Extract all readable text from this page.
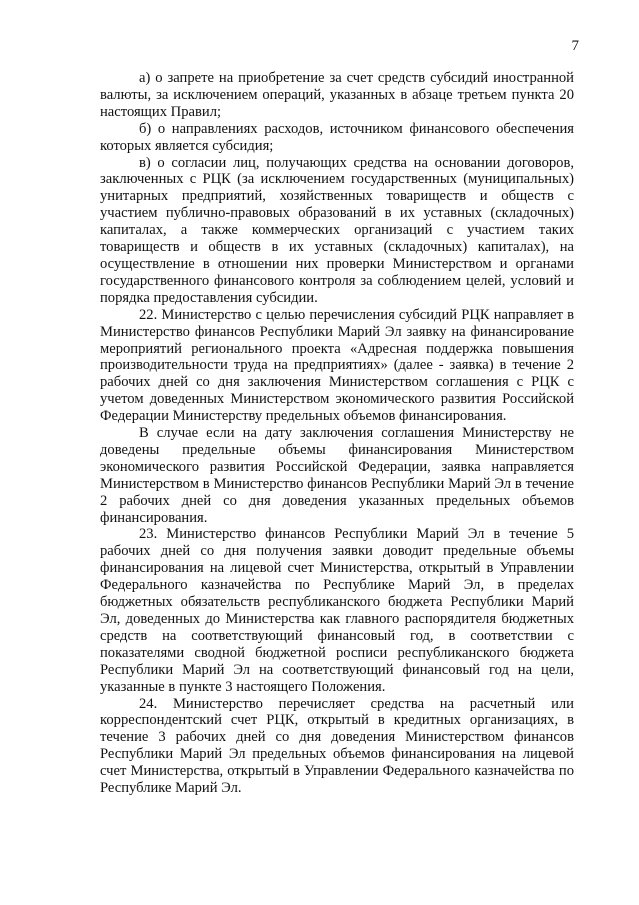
7

а) о запрете на приобретение за счет средств субсидий иностранной валюты, за исключением операций, указанных в абзаце третьем пункта 20 настоящих Правил;

б) о направлениях расходов, источником финансового обеспечения которых является субсидия;

в) о согласии лиц, получающих средства на основании договоров, заключенных с РЦК (за исключением государственных (муниципальных) унитарных предприятий, хозяйственных товариществ и обществ с участием публично-правовых образований в их уставных (складочных) капиталах, а также коммерческих организаций с участием таких товариществ и обществ в их уставных (складочных) капиталах), на осуществление в отношении них проверки Министерством и органами государственного финансового контроля за соблюдением целей, условий и порядка предоставления субсидии.

22. Министерство с целью перечисления субсидий РЦК направляет в Министерство финансов Республики Марий Эл заявку на финансирование мероприятий регионального проекта «Адресная поддержка повышения производительности труда на предприятиях» (далее - заявка) в течение 2 рабочих дней со дня заключения Министерством соглашения с РЦК с учетом доведенных Министерством экономического развития Российской Федерации Министерству предельных объемов финансирования.

В случае если на дату заключения соглашения Министерству не доведены предельные объемы финансирования Министерством экономического развития Российской Федерации, заявка направляется Министерством в Министерство финансов Республики Марий Эл в течение 2 рабочих дней со дня доведения указанных предельных объемов финансирования.

23. Министерство финансов Республики Марий Эл в течение 5 рабочих дней со дня получения заявки доводит предельные объемы финансирования на лицевой счет Министерства, открытый в Управлении Федерального казначейства по Республике Марий Эл, в пределах бюджетных обязательств республиканского бюджета Республики Марий Эл, доведенных до Министерства как главного распорядителя бюджетных средств на соответствующий финансовый год, в соответствии с показателями сводной бюджетной росписи республиканского бюджета Республики Марий Эл на соответствующий финансовый год на цели, указанные в пункте 3 настоящего Положения.

24. Министерство перечисляет средства на расчетный или корреспондентский счет РЦК, открытый в кредитных организациях, в течение 3 рабочих дней со дня доведения Министерством финансов Республики Марий Эл предельных объемов финансирования на лицевой счет Министерства, открытый в Управлении Федерального казначейства по Республике Марий Эл.
